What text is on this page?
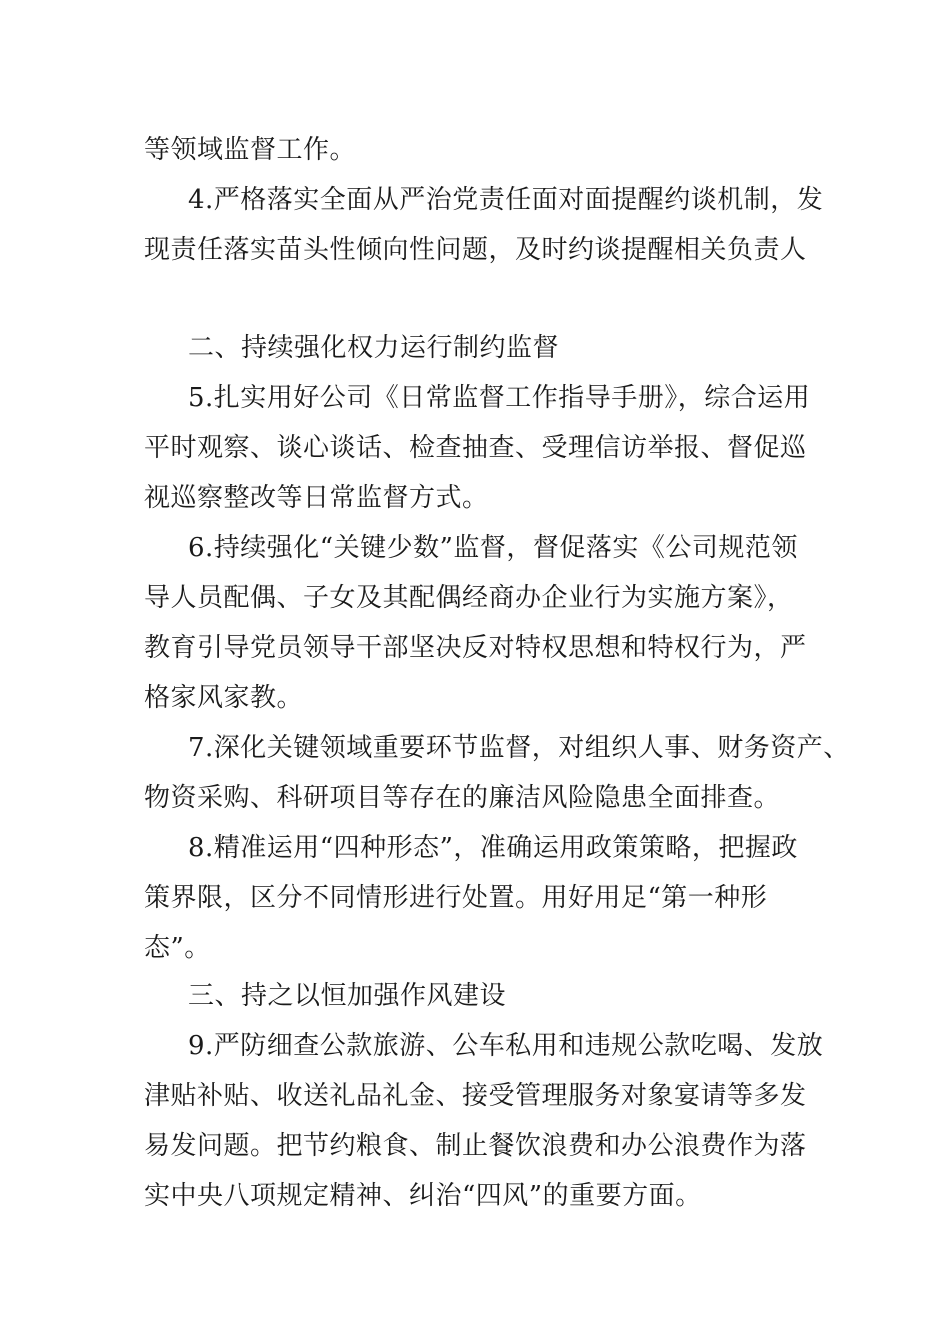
等领域监督工作。
4.严格落实全面从严治党责任面对面提醒约谈机制，发
现责任落实苗头性倾向性问题，及时约谈提醒相关负责人
二、持续强化权力运行制约监督
5.扎实用好公司《日常监督工作指导手册》，综合运用
平时观察、谈心谈话、检查抽查、受理信访举报、督促巡
视巡察整改等日常监督方式。
6.持续强化“关键少数”监督，督促落实《公司规范领
导人员配偶、子女及其配偶经商办企业行为实施方案》，
教育引导党员领导干部坚决反对特权思想和特权行为，严
格家风家教。
7.深化关键领域重要环节监督，对组织人事、财务资产、
物资采购、科研项目等存在的廉洁风险隐患全面排查。
8.精准运用“四种形态”，准确运用政策策略，把握政
策界限，区分不同情形进行处置。用好用足“第一种形
态”。
三、持之以恒加强作风建设
9.严防细查公款旅游、公车私用和违规公款吃喝、发放
津贴补贴、收送礼品礼金、接受管理服务对象宴请等多发
易发问题。把节约粮食、制止餐饮浪费和办公浪费作为落
实中央八项规定精神、纠治“四风”的重要方面。
